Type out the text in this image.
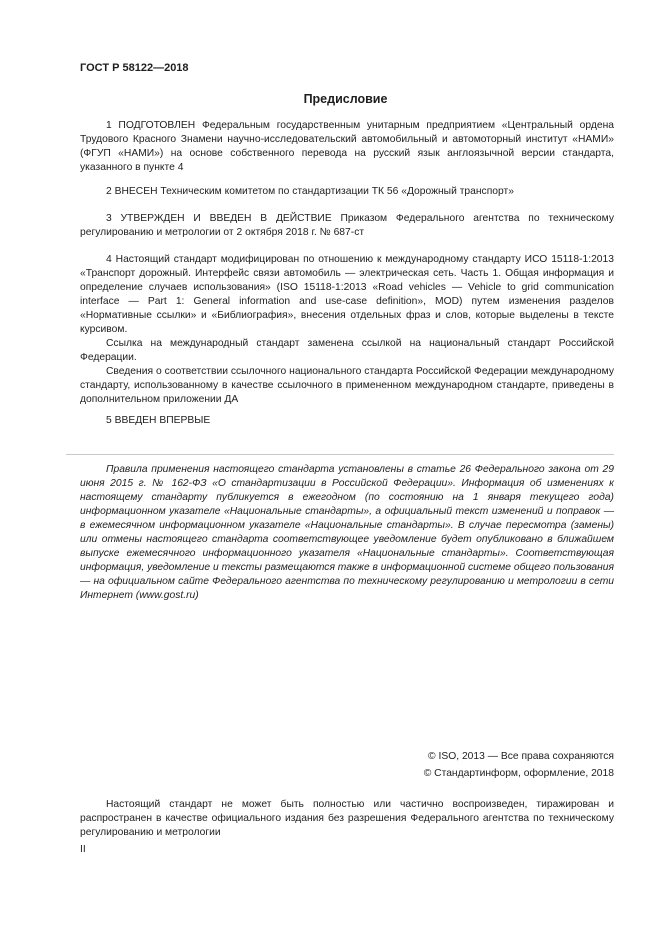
ГОСТ Р 58122—2018
Предисловие

1 ПОДГОТОВЛЕН Федеральным государственным унитарным предприятием «Центральный ордена Трудового Красного Знамени научно-исследовательский автомобильный и автомоторный институт «НАМИ» (ФГУП «НАМИ») на основе собственного перевода на русский язык англоязычной версии стандарта, указанного в пункте 4

2 ВНЕСЕН Техническим комитетом по стандартизации ТК 56 «Дорожный транспорт»

3 УТВЕРЖДЕН И ВВЕДЕН В ДЕЙСТВИЕ Приказом Федерального агентства по техническому регулированию и метрологии от 2 октября 2018 г. № 687-ст

4 Настоящий стандарт модифицирован по отношению к международному стандарту ИСО 15118-1:2013 «Транспорт дорожный. Интерфейс связи автомобиль — электрическая сеть. Часть 1. Общая информация и определение случаев использования» (ISO 15118-1:2013 «Road vehicles — Vehicle to grid communication interface — Part 1: General information and use-case definition», MOD) путем изменения разделов «Нормативные ссылки» и «Библиография», внесения отдельных фраз и слов, которые выделены в тексте курсивом.

Ссылка на международный стандарт заменена ссылкой на национальный стандарт Российской Федерации.

Сведения о соответствии ссылочного национального стандарта Российской Федерации международному стандарту, использованному в качестве ссылочного в примененном международном стандарте, приведены в дополнительном приложении ДА

5 ВВЕДЕН ВПЕРВЫЕ

Правила применения настоящего стандарта установлены в статье 26 Федерального закона от 29 июня 2015 г. № 162-ФЗ «О стандартизации в Российской Федерации». Информация об изменениях к настоящему стандарту публикуется в ежегодном (по состоянию на 1 января текущего года) информационном указателе «Национальные стандарты», а официальный текст изменений и поправок — в ежемесячном информационном указателе «Национальные стандарты». В случае пересмотра (замены) или отмены настоящего стандарта соответствующее уведомление будет опубликовано в ближайшем выпуске ежемесячного информационного указателя «Национальные стандарты». Соответствующая информация, уведомление и тексты размещаются также в информационной системе общего пользования — на официальном сайте Федерального агентства по техническому регулированию и метрологии в сети Интернет (www.gost.ru)

© ISO, 2013 — Все права сохраняются
© Стандартинформ, оформление, 2018

Настоящий стандарт не может быть полностью или частично воспроизведен, тиражирован и распространен в качестве официального издания без разрешения Федерального агентства по техническому регулированию и метрологии

II
